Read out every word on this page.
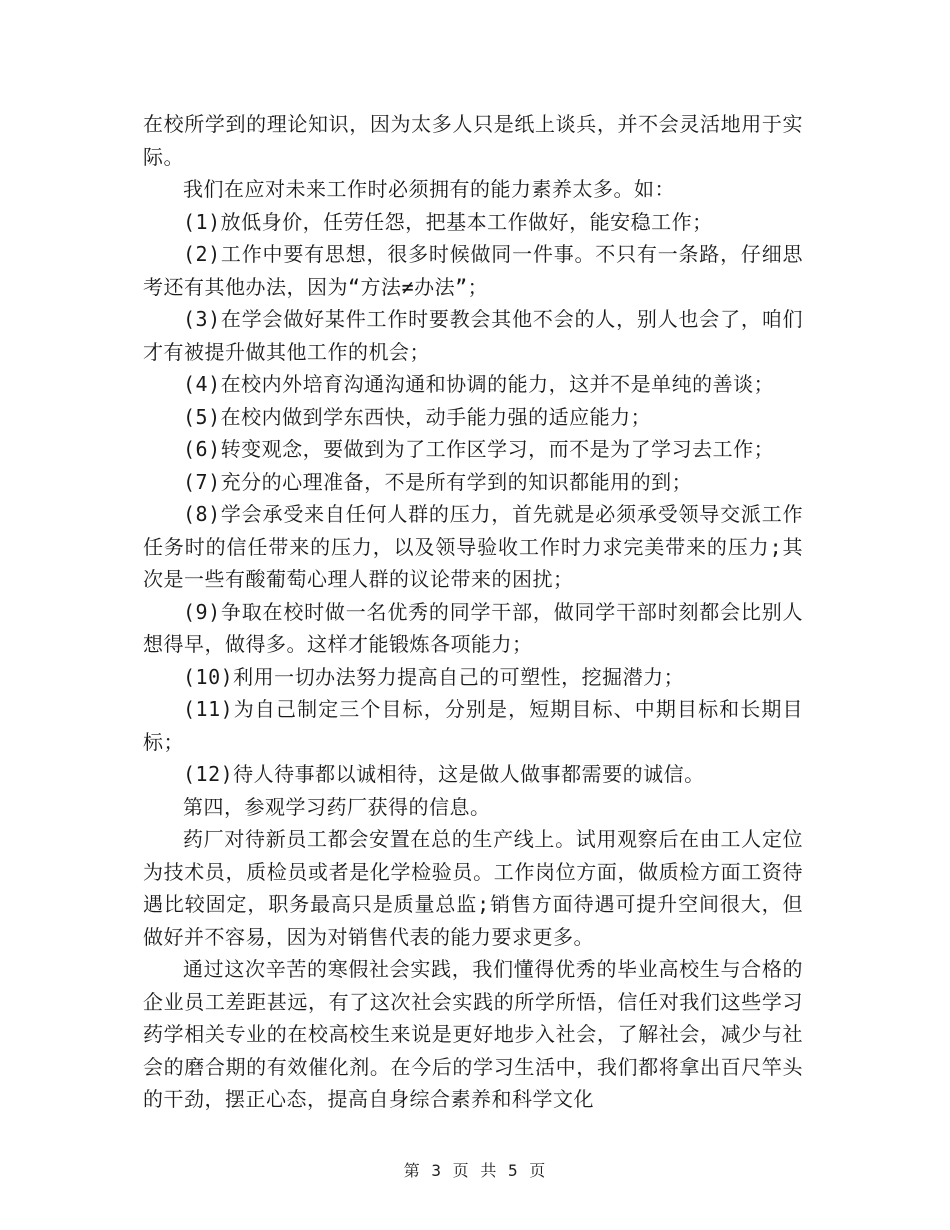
在校所学到的理论知识，因为太多人只是纸上谈兵，并不会灵活地用于实际。

我们在应对未来工作时必须拥有的能力素养太多。如：

(1)放低身价，任劳任怨，把基本工作做好，能安稳工作；

(2)工作中要有思想，很多时候做同一件事。不只有一条路，仔细思考还有其他办法，因为“方法≠办法”；

(3)在学会做好某件工作时要教会其他不会的人，别人也会了，咱们才有被提升做其他工作的机会；

(4)在校内外培育沟通沟通和协调的能力，这并不是单纯的善谈；

(5)在校内做到学东西快，动手能力强的适应能力；

(6)转变观念，要做到为了工作区学习，而不是为了学习去工作；

(7)充分的心理准备，不是所有学到的知识都能用的到；

(8)学会承受来自任何人群的压力，首先就是必须承受领导交派工作任务时的信任带来的压力，以及领导验收工作时力求完美带来的压力;其次是一些有酸葡萄心理人群的议论带来的困扰；

(9)争取在校时做一名优秀的同学干部，做同学干部时刻都会比别人想得早，做得多。这样才能锻炼各项能力；

(10)利用一切办法努力提高自己的可塑性，挖掘潜力；

(11)为自己制定三个目标，分别是，短期目标、中期目标和长期目标；

(12)待人待事都以诚相待，这是做人做事都需要的诚信。

第四，参观学习药厂获得的信息。

药厂对待新员工都会安置在总的生产线上。试用观察后在由工人定位为技术员，质检员或者是化学检验员。工作岗位方面，做质检方面工资待遇比较固定，职务最高只是质量总监;销售方面待遇可提升空间很大，但做好并不容易，因为对销售代表的能力要求更多。

通过这次辛苦的寒假社会实践，我们懂得优秀的毕业高校生与合格的企业员工差距甚远，有了这次社会实践的所学所悟，信任对我们这些学习药学相关专业的在校高校生来说是更好地步入社会，了解社会，减少与社会的磨合期的有效催化剂。在今后的学习生活中，我们都将拿出百尺竿头的干劲，摆正心态，提高自身综合素养和科学文化

第 3 页 共 5 页
